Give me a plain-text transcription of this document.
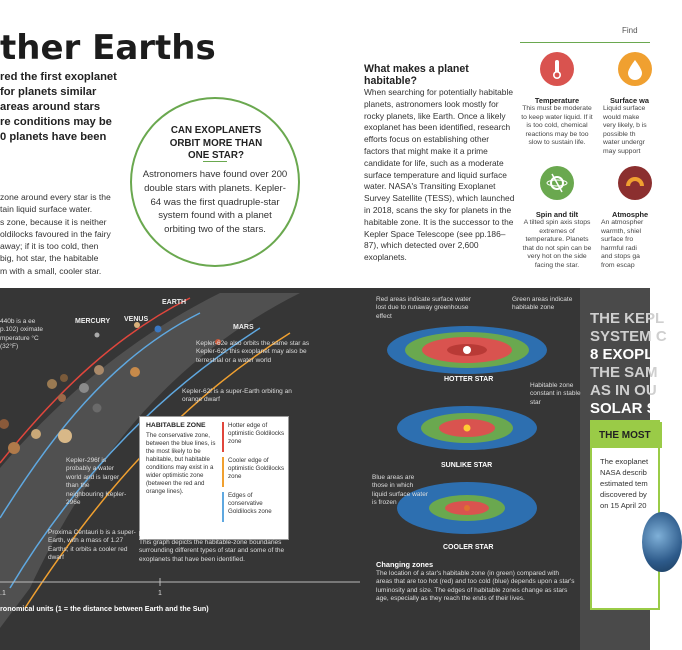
ther Earths	Find
red the first exoplanet
for planets similar
areas around stars
re conditions may be
0 planets have been
zone around every star is the
tain liquid surface water.
s zone, because it is neither
oldilocks favoured in the fairy
away; if it is too cold, then
big, hot star, the habitable
m with a small, cooler star.
CAN EXOPLANETS ORBIT MORE THAN ONE STAR?
Astronomers have found over 200 double stars with planets. Kepler-64 was the first quadruple-star system found with a planet orbiting two of the stars.
What makes a planet habitable?
When searching for potentially habitable planets, astronomers look mostly for rocky planets, like Earth. Once a likely exoplanet has been identified, research efforts focus on establishing other factors that might make it a prime candidate for life, such as a moderate surface temperature and liquid surface water. NASA's Transiting Exoplanet Survey Satellite (TESS), which launched in 2018, scans the sky for planets in the habitable zone. It is the successor to the Kepler Space Telescope (see pp.186–87), which detected over 2,600 exoplanets.
Temperature
This must be moderate to keep water liquid. If it is too cold, chemical reactions may be too slow to sustain life.
Surface wa
Liquid surface would make very likely, b is possible th water undergr may support
Spin and tilt
A tilted spin axis stops extremes of temperature. Planets that do not spin can be very hot on the side facing the star.
Atmosphe
An atmospher warmth, shiel surface fro harmful radi and stops ga from escap
MERCURY VENUS
EARTH
MARS
440b is a ee p.102) oximate mperature °C (32°F)	Kepler-62e also orbits the same star as Kepler-62f; this exoplanet may also be terrestrial or a water world
Kepler-62f is a super-Earth orbiting an orange dwarf
Kepler-296f is probably a water world and is larger than the neighbouring Kepler-296e
Proxima Centauri b is a super-Earth, with a mass of 1.27 Earths; it orbits a cooler red dwarf
HABITABLE ZONE
The conservative zone, between the blue lines, is the most likely to be habitable, but habitable conditions may exist in a wider optimistic zone (between the red and orange lines).
Hotter edge of optimistic Goldilocks zone
Cooler edge of optimistic Goldilocks zone
Edges of conservative Goldilocks zone
Potentially habitable planets
This graph depicts the habitable-zone boundaries surrounding different types of star and some of the exoplanets that have been identified.
.1	1
ronomical units (1 = the distance between Earth and the Sun)
Red areas indicate surface water lost due to runaway greenhouse effect
Green areas indicate habitable zone
HOTTER STAR
Habitable zone constant in stable star
SUNLIKE STAR
Blue areas are those in which liquid surface water is frozen
COOLER STAR
Changing zones
The location of a star's habitable zone (in green) compared with areas that are too hot (red) and too cold (blue) depends upon a star's luminosity and size. The edges of habitable zones change as stars age, especially as they reach the ends of their lives.
THE KEPL
SYSTEM C
8 EXOPLA
THE SAM
AS IN OU
SOLAR SY
THE MOST
The exoplanet NASA describ estimated tem discovered by on 15 April 20
